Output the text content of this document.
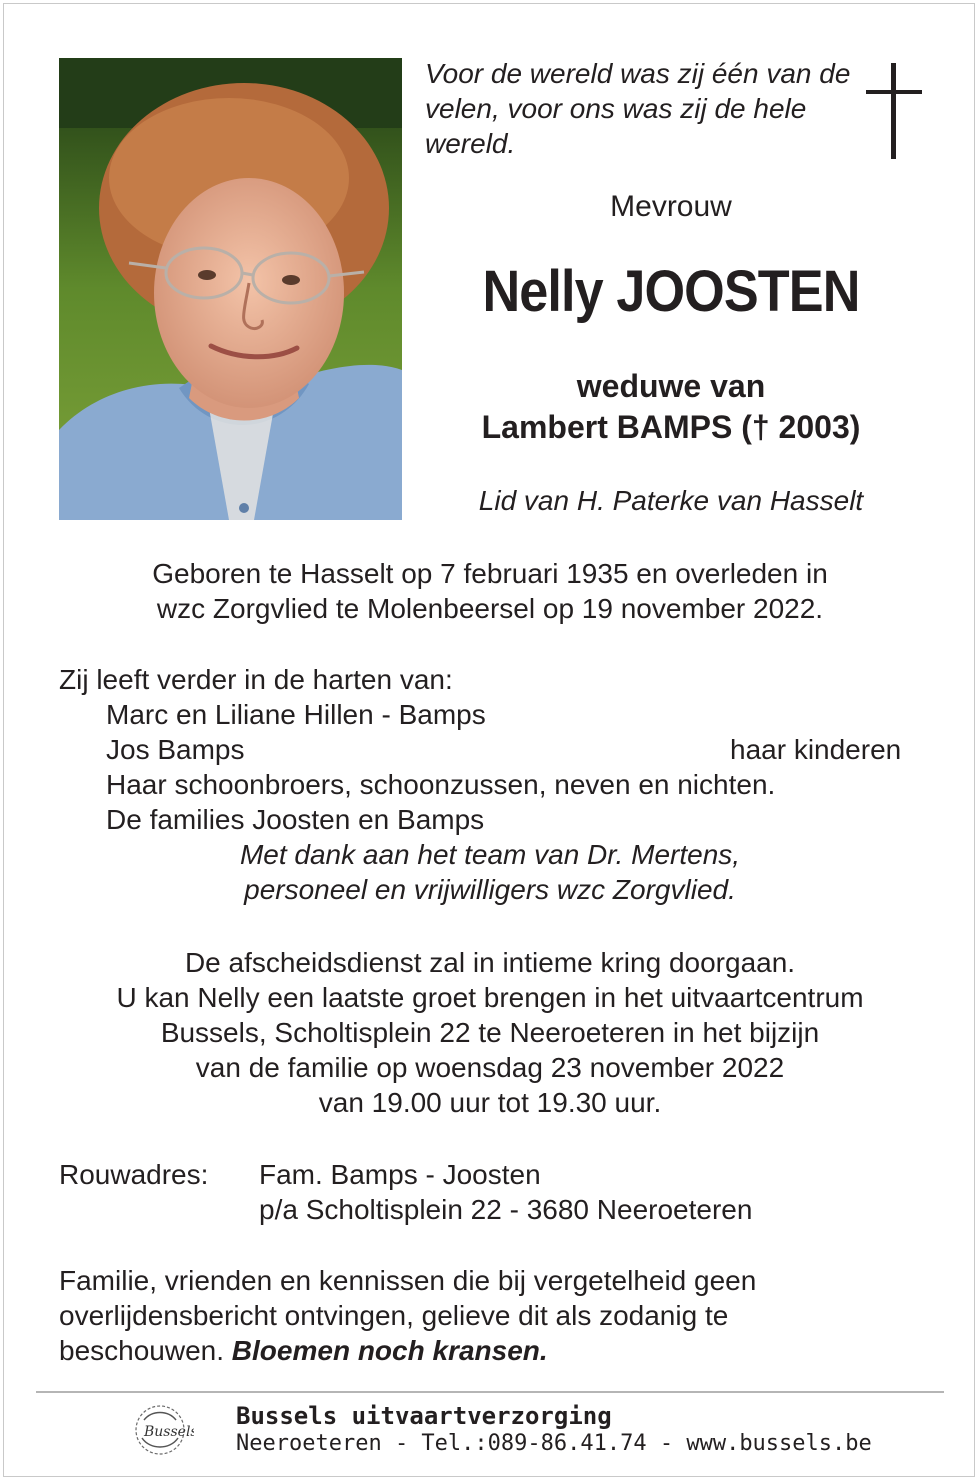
Voor de wereld was zij één van de velen, voor ons was zij de hele wereld.
Mevrouw
Nelly JOOSTEN
weduwe van
Lambert BAMPS († 2003)
Lid van H. Paterke van Hasselt
Geboren te Hasselt op 7 februari 1935 en overleden in
wzc Zorgvlied te Molenbeersel op 19 november 2022.
Zij leeft verder in de harten van:
Marc en Liliane Hillen - Bamps
Jos Bamps	haar kinderen
Haar schoonbroers, schoonzussen, neven en nichten.
De families Joosten en Bamps
Met dank aan het team van Dr. Mertens,
personeel en vrijwilligers wzc Zorgvlied.
De afscheidsdienst zal in intieme kring doorgaan.
U kan Nelly een laatste groet brengen in het uitvaartcentrum
Bussels, Scholtisplein 22 te Neeroeteren in het bijzijn
van de familie op woensdag 23 november 2022
van 19.00 uur tot 19.30 uur.
Rouwadres: Fam. Bamps - Joosten
p/a Scholtisplein 22 - 3680 Neeroeteren
Familie, vrienden en kennissen die bij vergetelheid geen
overlijdensbericht ontvingen, gelieve dit als zodanig te
beschouwen. Bloemen noch kransen.
Bussels
Bussels uitvaartverzorging
Neeroeteren - Tel.:089-86.41.74 - www.bussels.be
